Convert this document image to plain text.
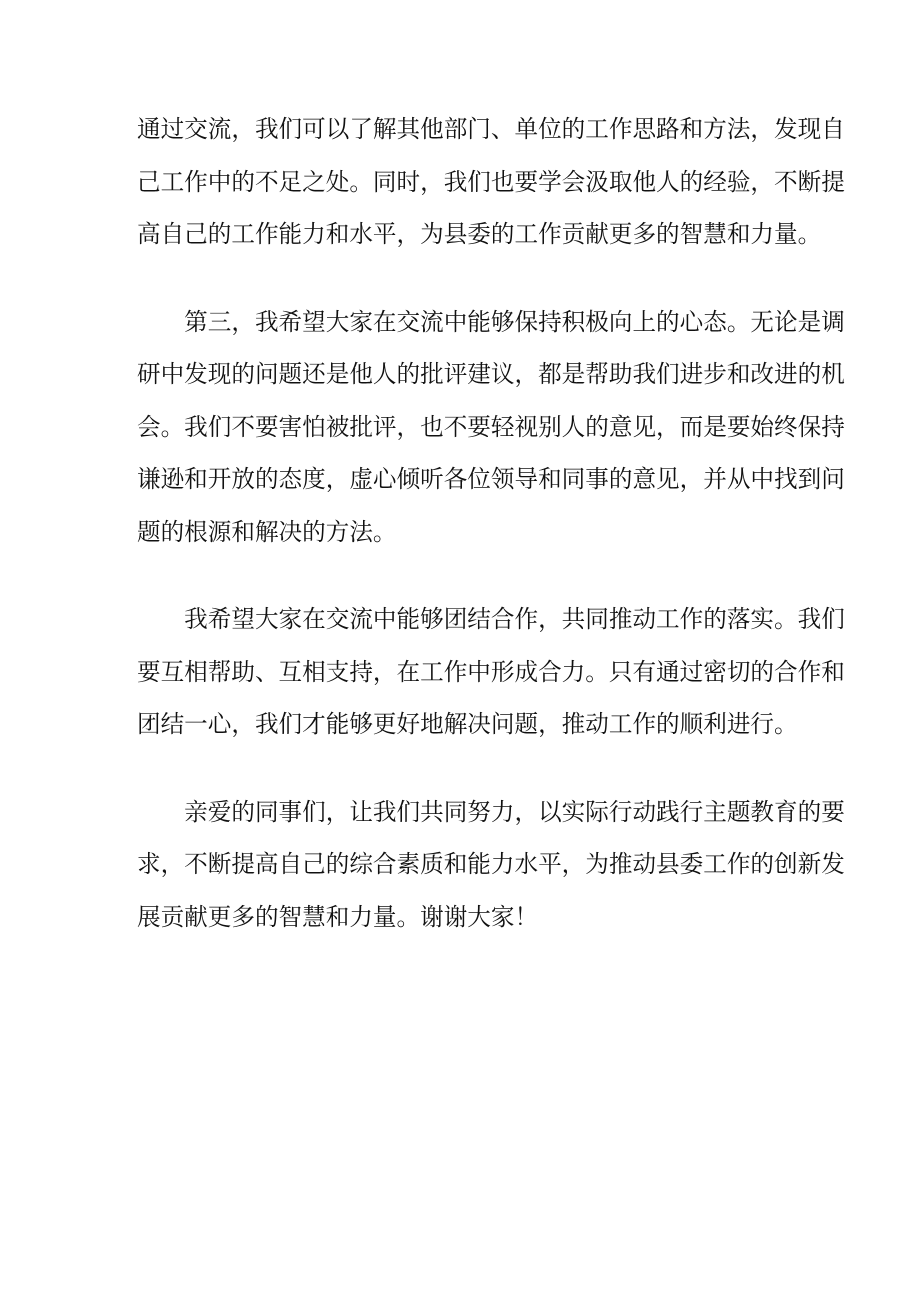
通过交流，我们可以了解其他部门、单位的工作思路和方法，发现自
己工作中的不足之处。同时，我们也要学会汲取他人的经验，不断提
高自己的工作能力和水平，为县委的工作贡献更多的智慧和力量。

　　第三，我希望大家在交流中能够保持积极向上的心态。无论是调
研中发现的问题还是他人的批评建议，都是帮助我们进步和改进的机
会。我们不要害怕被批评，也不要轻视别人的意见，而是要始终保持
谦逊和开放的态度，虚心倾听各位领导和同事的意见，并从中找到问
题的根源和解决的方法。

　　我希望大家在交流中能够团结合作，共同推动工作的落实。我们
要互相帮助、互相支持，在工作中形成合力。只有通过密切的合作和
团结一心，我们才能够更好地解决问题，推动工作的顺利进行。

　　亲爱的同事们，让我们共同努力，以实际行动践行主题教育的要
求，不断提高自己的综合素质和能力水平，为推动县委工作的创新发
展贡献更多的智慧和力量。谢谢大家！
